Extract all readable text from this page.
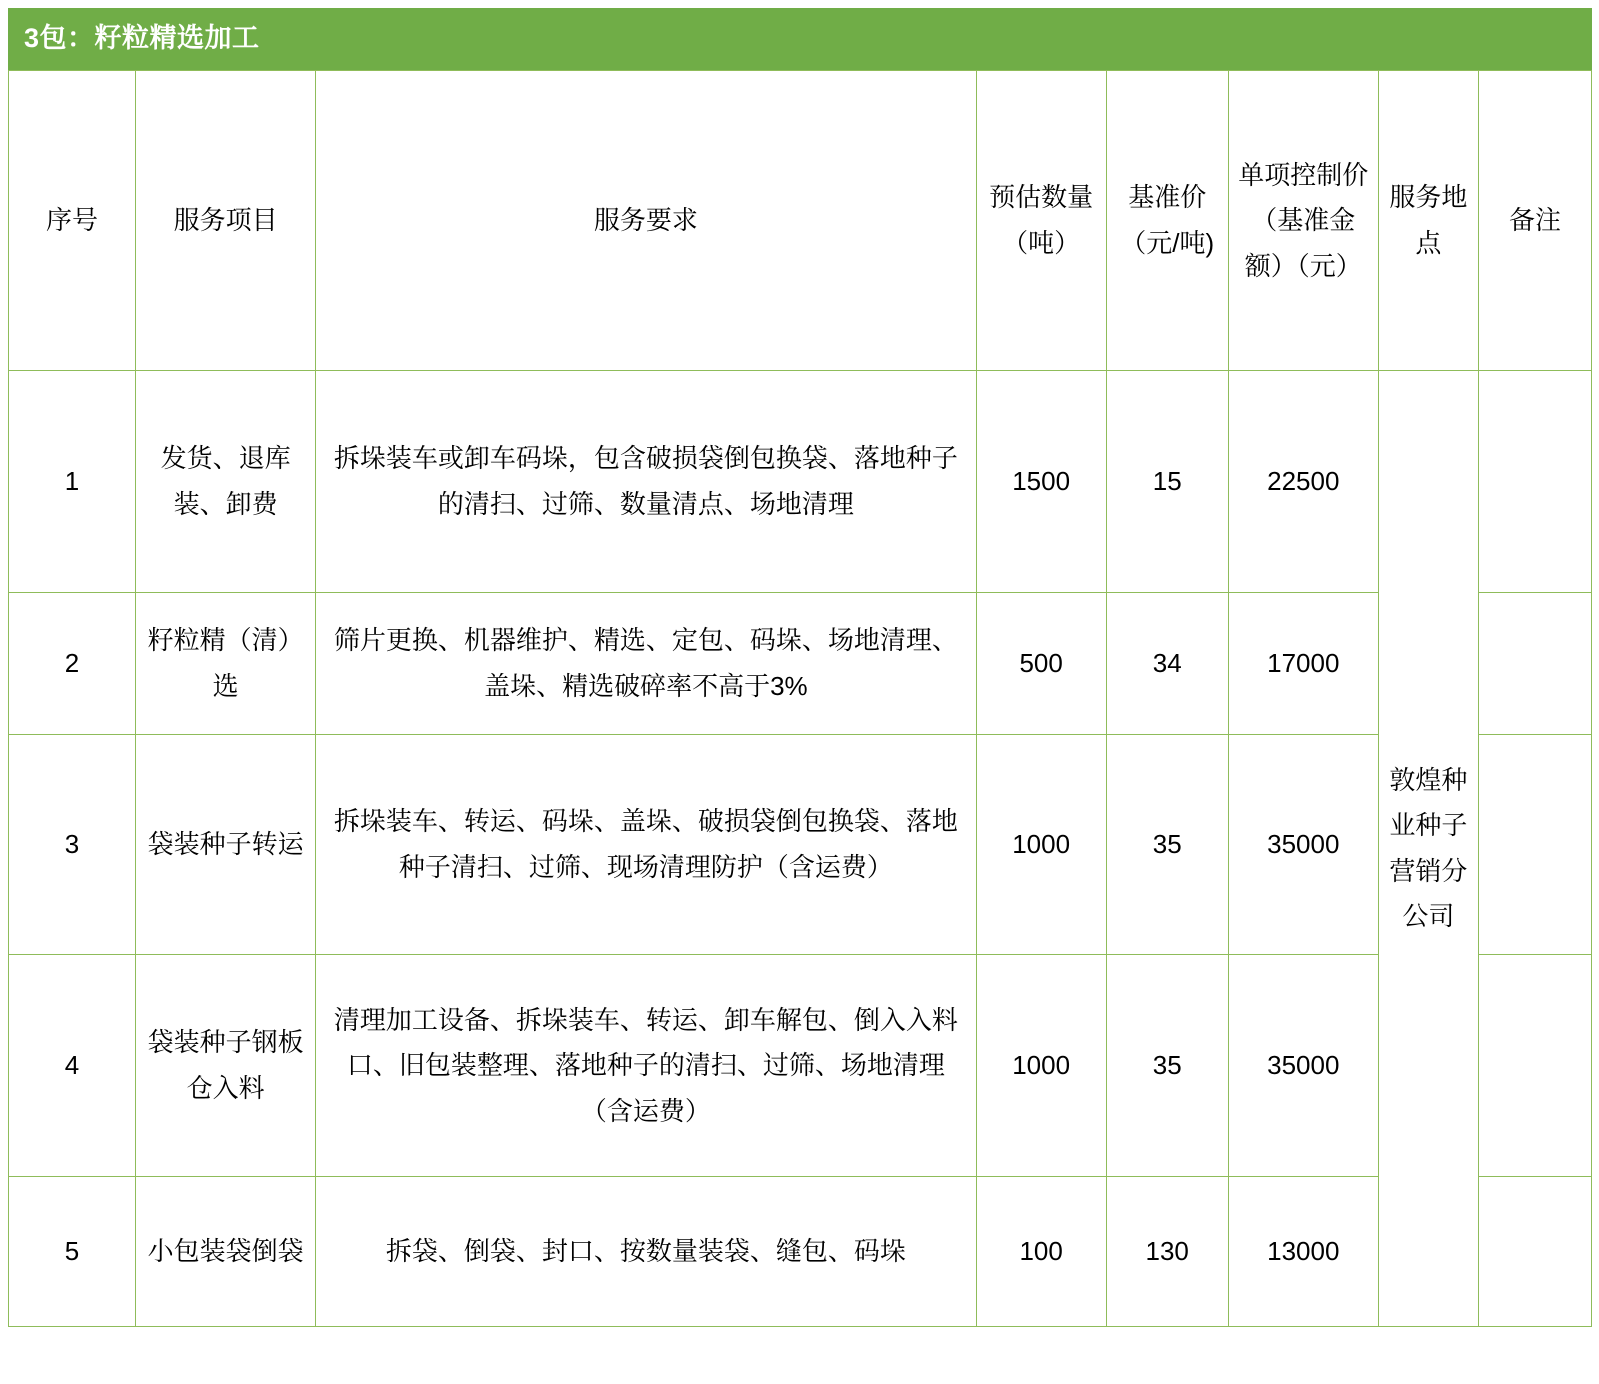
3包：籽粒精选加工
序号	服务项目	服务要求	预估数量（吨）	基准价（元/吨)	单项控制价（基准金额）（元）	服务地点	备注
1	发货、退库装、卸费	拆垛装车或卸车码垛，包含破损袋倒包换袋、落地种子的清扫、过筛、数量清点、场地清理	1500	15	22500	敦煌种业种子营销分公司	
2	籽粒精（清）选	筛片更换、机器维护、精选、定包、码垛、场地清理、盖垛、精选破碎率不高于3%	500	34	17000		
3	袋装种子转运	拆垛装车、转运、码垛、盖垛、破损袋倒包换袋、落地种子清扫、过筛、现场清理防护（含运费）	1000	35	35000		
4	袋装种子钢板仓入料	清理加工设备、拆垛装车、转运、卸车解包、倒入入料口、旧包装整理、落地种子的清扫、过筛、场地清理（含运费）	1000	35	35000		
5	小包装袋倒袋	拆袋、倒袋、封口、按数量装袋、缝包、码垛	100	130	13000		
